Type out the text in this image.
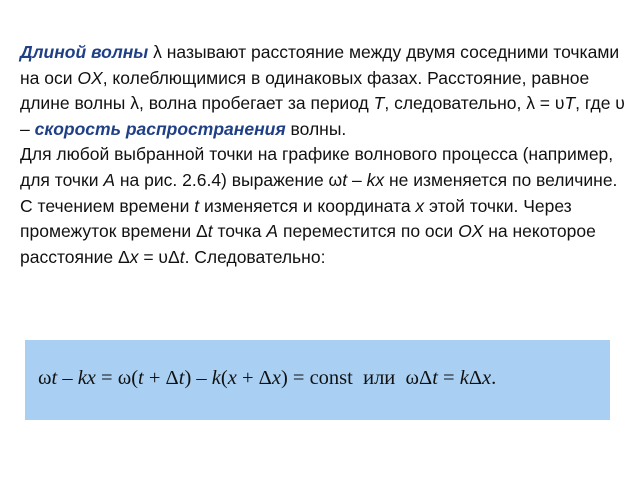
Длиной волны λ называют расстояние между двумя соседними точками на оси OX, колеблющимися в одинаковых фазах. Расстояние, равное длине волны λ, волна пробегает за период T, следовательно, λ = υT, где υ – скорость распространения волны.

Для любой выбранной точки на графике волнового процесса (например, для точки A на рис. 2.6.4) выражение ωt – kx не изменяется по величине. С течением времени t изменяется и координата x этой точки. Через промежуток времени Δt точка A переместится по оси OX на некоторое расстояние Δx = υΔt. Следовательно:

ωt – kx = ω(t + Δt) – k(x + Δx) = const  или  ωΔt = kΔx.
